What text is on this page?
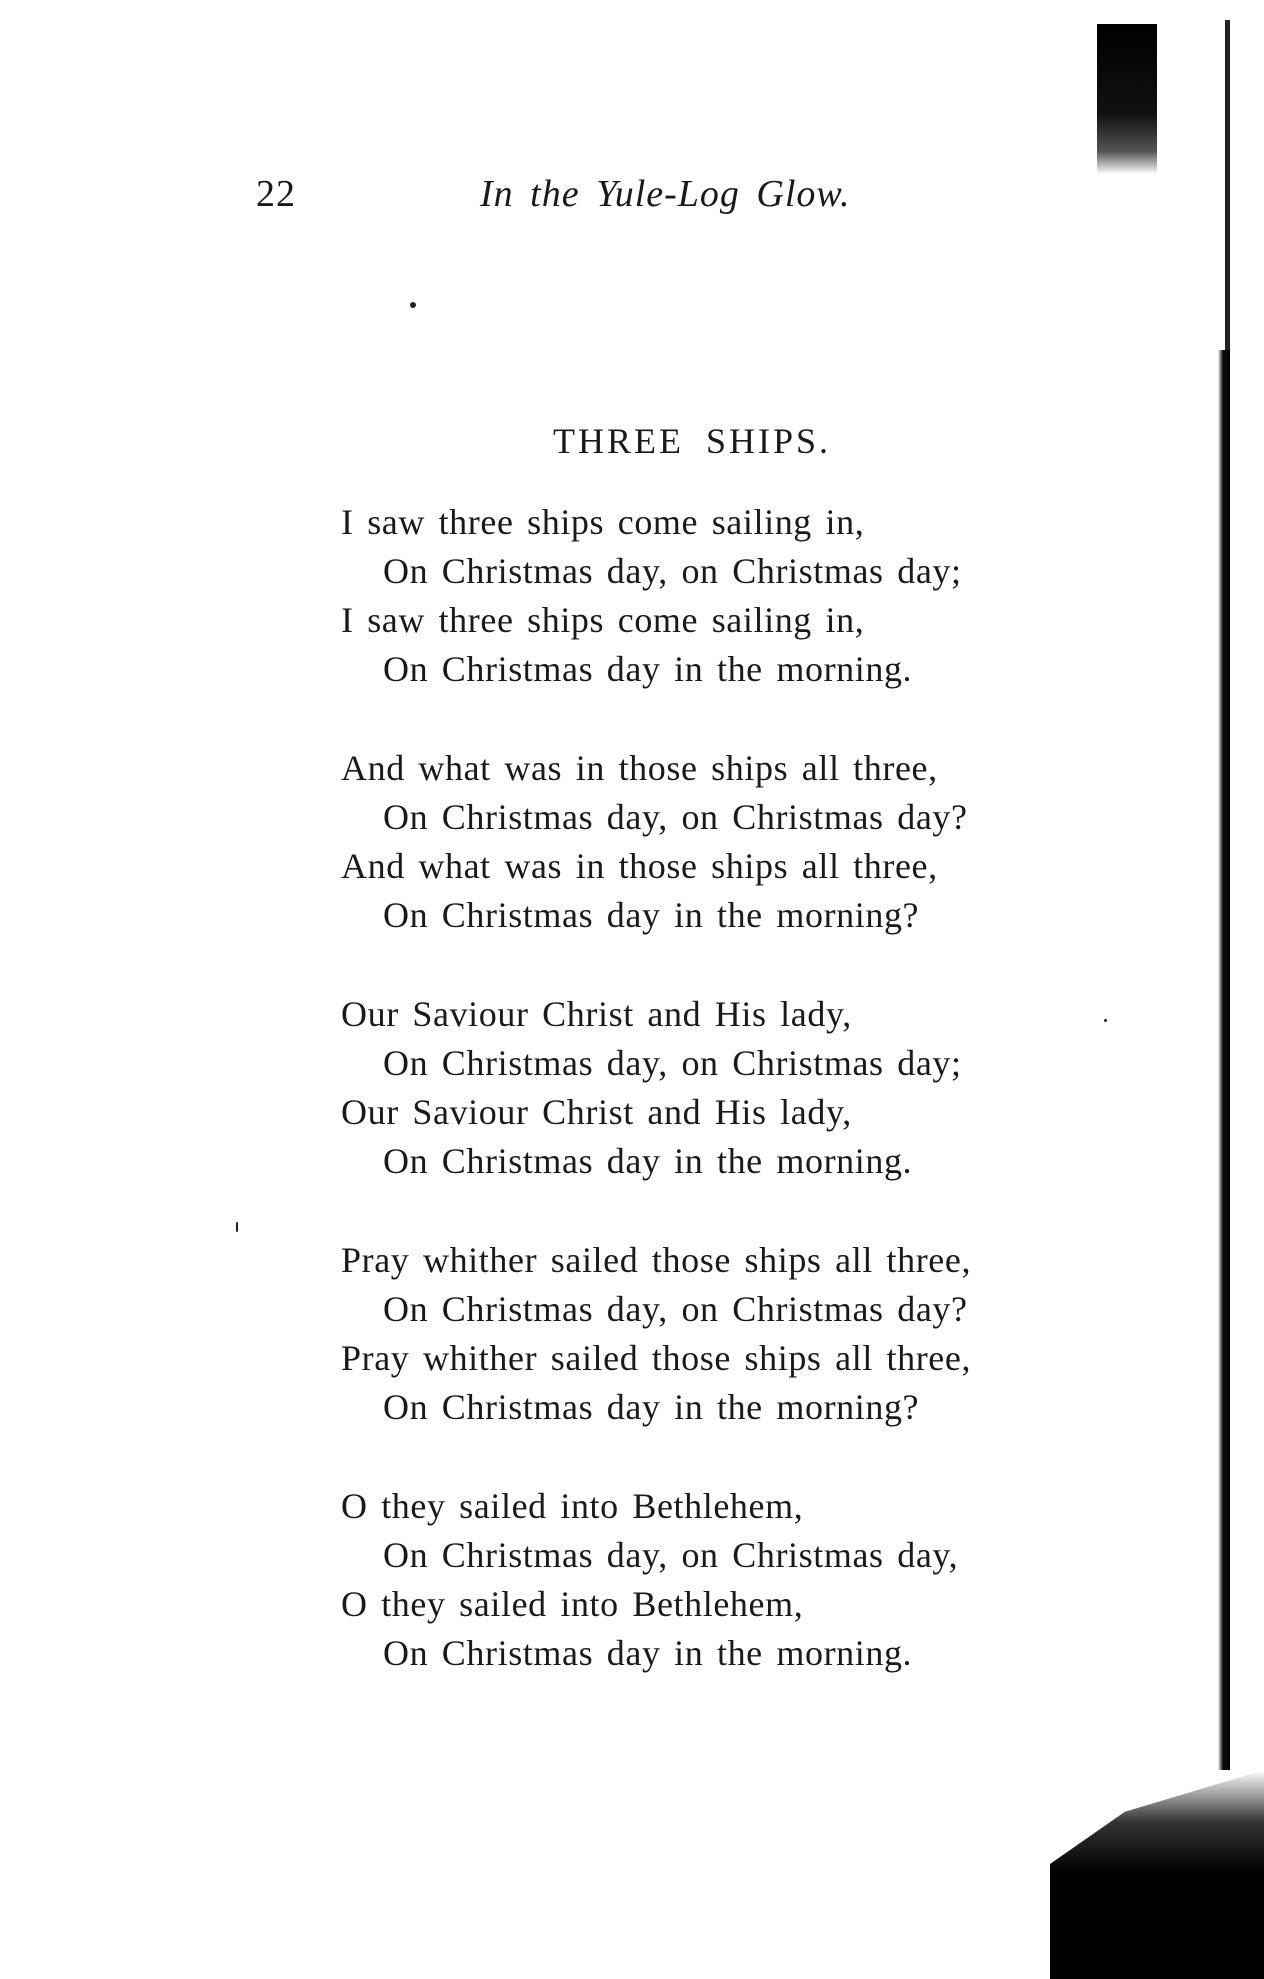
22	In the Yule-Log Glow.
THREE SHIPS.
I saw three ships come sailing in,
On Christmas day, on Christmas day;
I saw three ships come sailing in,
On Christmas day in the morning.
And what was in those ships all three,
On Christmas day, on Christmas day?
And what was in those ships all three,
On Christmas day in the morning?
Our Saviour Christ and His lady,
On Christmas day, on Christmas day;
Our Saviour Christ and His lady,
On Christmas day in the morning.
Pray whither sailed those ships all three,
On Christmas day, on Christmas day?
Pray whither sailed those ships all three,
On Christmas day in the morning?
O they sailed into Bethlehem,
On Christmas day, on Christmas day,
O they sailed into Bethlehem,
On Christmas day in the morning.
